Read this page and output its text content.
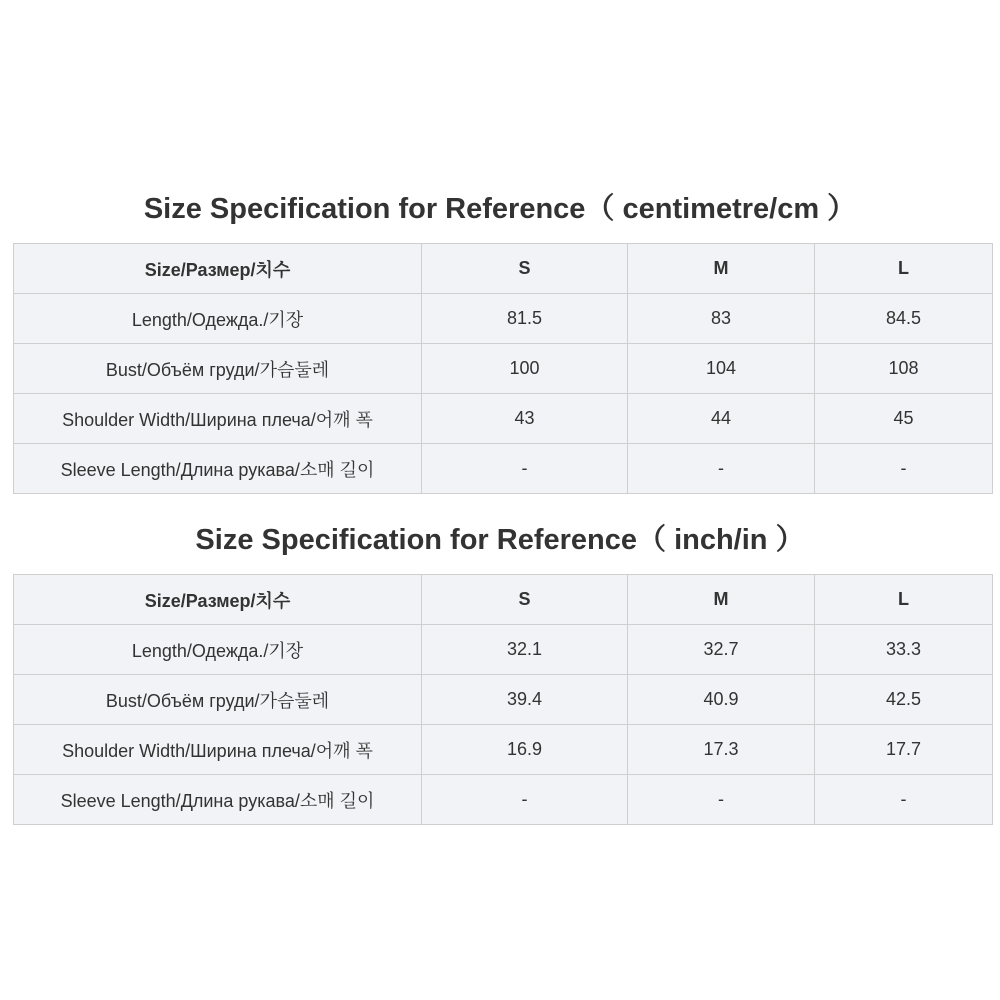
Size Specification for Reference（ centimetre/cm ）
Size/Размер/치수	S	M	L
Length/Одежда./기장	81.5	83	84.5
Bust/Объём груди/가슴둘레	100	104	108
Shoulder Width/Ширина плеча/어깨 폭	43	44	45
Sleeve Length/Длина рукава/소매 길이	-	-	-
Size Specification for Reference（ inch/in ）
Size/Размер/치수	S	M	L
Length/Одежда./기장	32.1	32.7	33.3
Bust/Объём груди/가슴둘레	39.4	40.9	42.5
Shoulder Width/Ширина плеча/어깨 폭	16.9	17.3	17.7
Sleeve Length/Длина рукава/소매 길이	-	-	-
